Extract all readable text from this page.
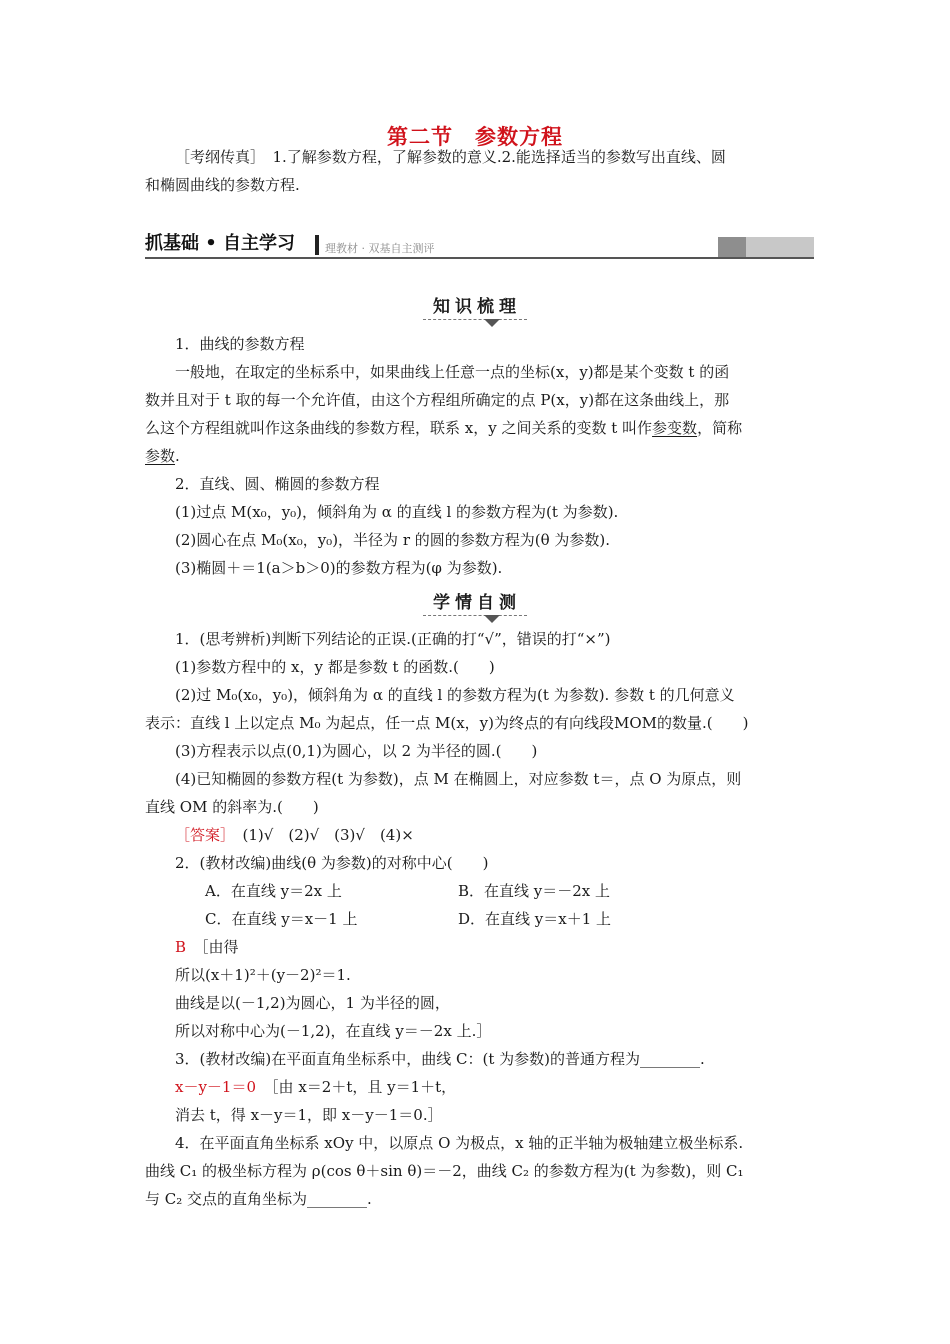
第二节　参数方程

［考纲传真］　1.了解参数方程，了解参数的意义.2.能选择适当的参数写出直线、圆

和椭圆曲线的参数方程.

抓基础 • 自主学习	理教材 · 双基自主测评
知识梳理

1．曲线的参数方程

一般地，在取定的坐标系中，如果曲线上任意一点的坐标(x，y)都是某个变数 t 的函

数并且对于 t 取的每一个允许值，由这个方程组所确定的点 P(x，y)都在这条曲线上，那

么这个方程组就叫作这条曲线的参数方程，联系 x，y 之间关系的变数 t 叫作参变数，简称

参数.

2．直线、圆、椭圆的参数方程

(1)过点 M(x₀，y₀)，倾斜角为 α 的直线 l 的参数方程为(t 为参数).

(2)圆心在点 M₀(x₀，y₀)，半径为 r 的圆的参数方程为(θ 为参数).

(3)椭圆＋＝1(a＞b＞0)的参数方程为(φ 为参数).

学情自测

1．(思考辨析)判断下列结论的正误.(正确的打“√”，错误的打“×”)

(1)参数方程中的 x，y 都是参数 t 的函数.(　　)

(2)过 M₀(x₀，y₀)，倾斜角为 α 的直线 l 的参数方程为(t 为参数). 参数 t 的几何意义

表示：直线 l 上以定点 M₀ 为起点，任一点 M(x，y)为终点的有向线段MOM的数量.(　　)

(3)方程表示以点(0,1)为圆心，以 2 为半径的圆.(　　)

(4)已知椭圆的参数方程(t 为参数)，点 M 在椭圆上，对应参数 t＝，点 O 为原点，则

直线 OM 的斜率为.(　　)

［答案］　 (1)√　(2)√　(3)√　(4)×

2．(教材改编)曲线(θ 为参数)的对称中心(　　)

A．在直线 y＝2x 上	B．在直线 y＝－2x 上

C．在直线 y＝x－1 上	D．在直线 y＝x＋1 上

B　 ［由得

所以(x＋1)²＋(y－2)²＝1.

曲线是以(－1,2)为圆心，1 为半径的圆，

所以对称中心为(－1,2)，在直线 y＝－2x 上.］

3．(教材改编)在平面直角坐标系中，曲线 C：(t 为参数)的普通方程为________.

x－y－1＝0　 ［由 x＝2＋t，且 y＝1＋t，

消去 t，得 x－y＝1，即 x－y－1＝0.］

4．在平面直角坐标系 xOy 中，以原点 O 为极点，x 轴的正半轴为极轴建立极坐标系.

曲线 C₁ 的极坐标方程为 ρ(cos θ＋sin θ)＝－2，曲线 C₂ 的参数方程为(t 为参数)，则 C₁

与 C₂ 交点的直角坐标为________.
